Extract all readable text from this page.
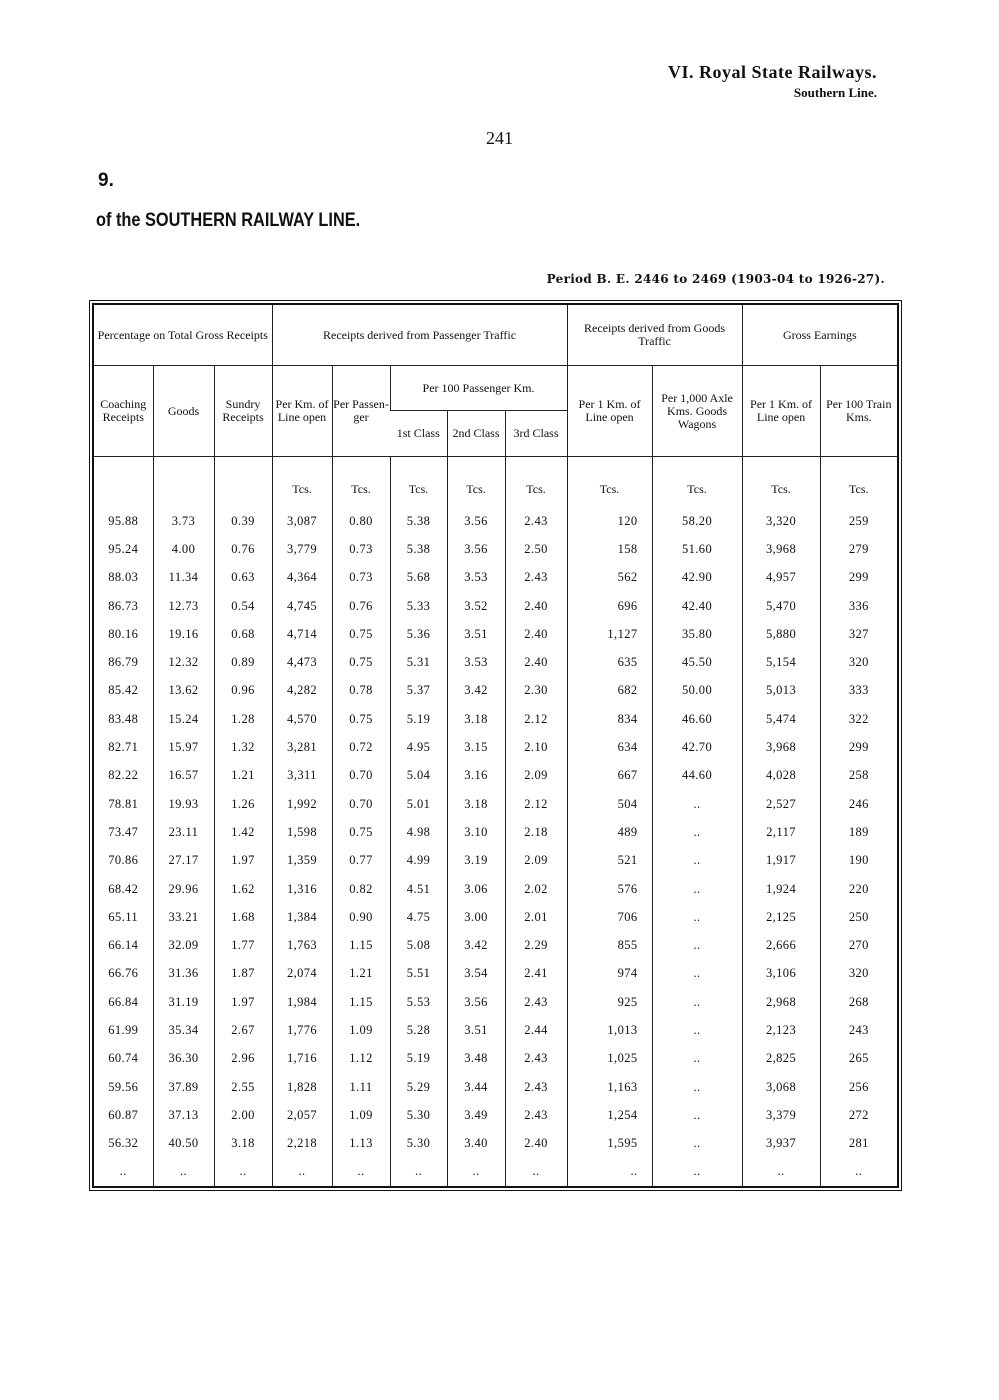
VI. Royal State Railways.
Southern Line.
241
9.
of the SOUTHERN RAILWAY LINE.
Period B. E. 2446 to 2469 (1903-04 to 1926-27).
Percentage on Total Gross Receipts			Receipts derived from Passenger Traffic					Receipts derived from Goods Traffic		Gross Earnings	
Coaching Receipts	Goods	Sundry Receipts	Per Km. of Line open	Per Passen- ger	Per 100 Passenger Km.			Per 1 Km. of Line open	Per 1,000 Axle Kms. Goods Wagons	Per 1 Km. of Line open	Per 100 Train Kms.
					1st Class	2nd Class	3rd Class				
			Tcs.	Tcs.	Tcs.	Tcs.	Tcs.	Tcs.	Tcs.	Tcs.	Tcs.
95.88	3.73	0.39	3,087	0.80	5.38	3.56	2.43	120	58.20	3,320	259
95.24	4.00	0.76	3,779	0.73	5.38	3.56	2.50	158	51.60	3,968	279
88.03	11.34	0.63	4,364	0.73	5.68	3.53	2.43	562	42.90	4,957	299
86.73	12.73	0.54	4,745	0.76	5.33	3.52	2.40	696	42.40	5,470	336
80.16	19.16	0.68	4,714	0.75	5.36	3.51	2.40	1,127	35.80	5,880	327
86.79	12.32	0.89	4,473	0.75	5.31	3.53	2.40	635	45.50	5,154	320
85.42	13.62	0.96	4,282	0.78	5.37	3.42	2.30	682	50.00	5,013	333
83.48	15.24	1.28	4,570	0.75	5.19	3.18	2.12	834	46.60	5,474	322
82.71	15.97	1.32	3,281	0.72	4.95	3.15	2.10	634	42.70	3,968	299
82.22	16.57	1.21	3,311	0.70	5.04	3.16	2.09	667	44.60	4,028	258
78.81	19.93	1.26	1,992	0.70	5.01	3.18	2.12	504	..	2,527	246
73.47	23.11	1.42	1,598	0.75	4.98	3.10	2.18	489	..	2,117	189
70.86	27.17	1.97	1,359	0.77	4.99	3.19	2.09	521	..	1,917	190
68.42	29.96	1.62	1,316	0.82	4.51	3.06	2.02	576	..	1,924	220
65.11	33.21	1.68	1,384	0.90	4.75	3.00	2.01	706	..	2,125	250
66.14	32.09	1.77	1,763	1.15	5.08	3.42	2.29	855	..	2,666	270
66.76	31.36	1.87	2,074	1.21	5.51	3.54	2.41	974	..	3,106	320
66.84	31.19	1.97	1,984	1.15	5.53	3.56	2.43	925	..	2,968	268
61.99	35.34	2.67	1,776	1.09	5.28	3.51	2.44	1,013	..	2,123	243
60.74	36.30	2.96	1,716	1.12	5.19	3.48	2.43	1,025	..	2,825	265
59.56	37.89	2.55	1,828	1.11	5.29	3.44	2.43	1,163	..	3,068	256
60.87	37.13	2.00	2,057	1.09	5.30	3.49	2.43	1,254	..	3,379	272
56.32	40.50	3.18	2,218	1.13	5.30	3.40	2.40	1,595	..	3,937	281
..	..	..	..	..	..	..	..	..	..	..	..
